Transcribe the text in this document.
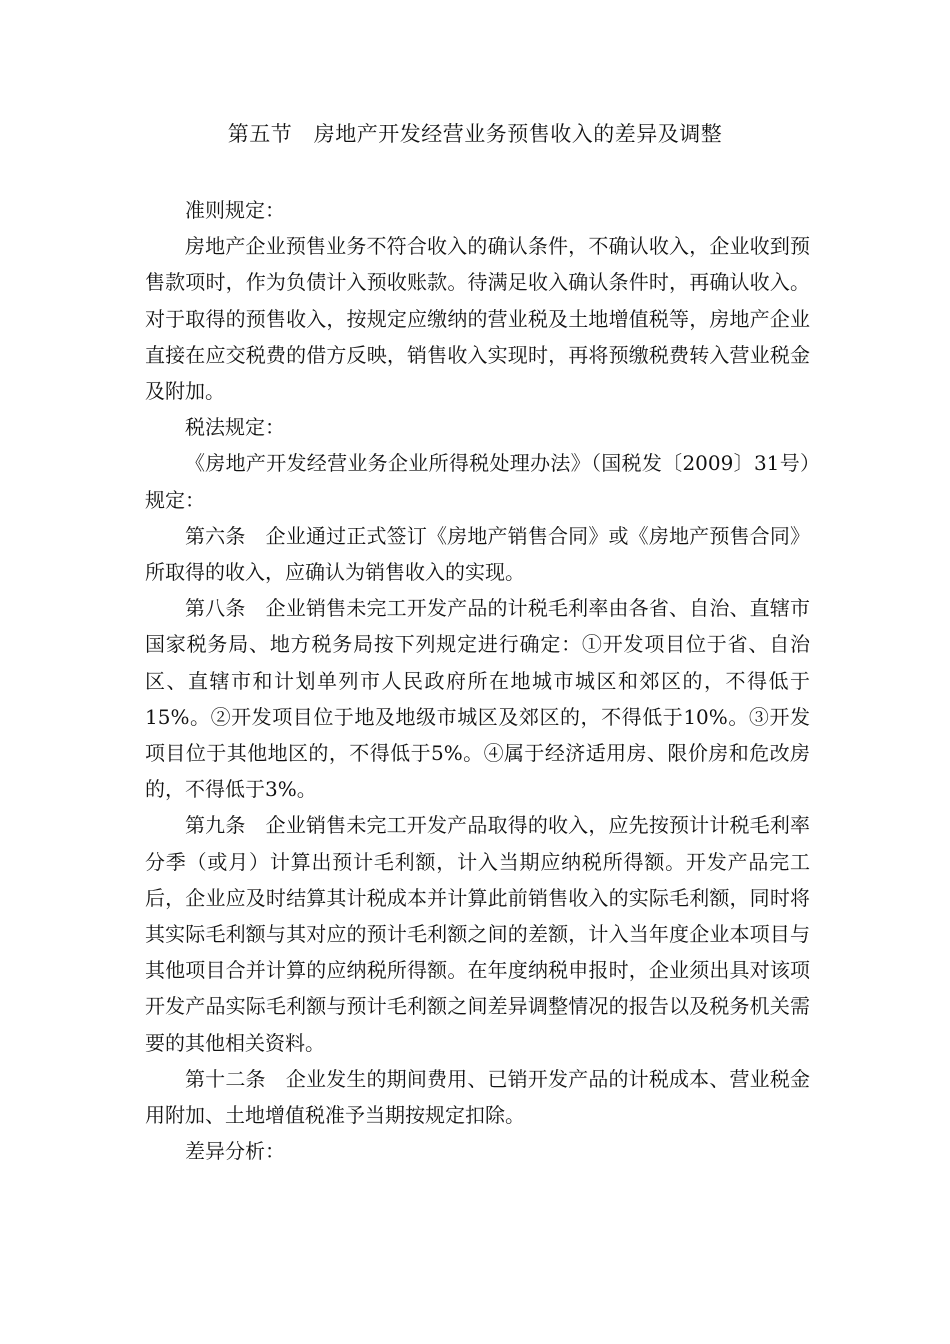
第五节　房地产开发经营业务预售收入的差异及调整

准则规定：

房地产企业预售业务不符合收入的确认条件，不确认收入，企业收到预售款项时，作为负债计入预收账款。待满足收入确认条件时，再确认收入。对于取得的预售收入，按规定应缴纳的营业税及土地增值税等，房地产企业直接在应交税费的借方反映，销售收入实现时，再将预缴税费转入营业税金及附加。

税法规定：

《房地产开发经营业务企业所得税处理办法》（国税发〔2009〕31号）规定：

第六条　企业通过正式签订《房地产销售合同》或《房地产预售合同》所取得的收入，应确认为销售收入的实现。

第八条　企业销售未完工开发产品的计税毛利率由各省、自治、直辖市国家税务局、地方税务局按下列规定进行确定：①开发项目位于省、自治区、直辖市和计划单列市人民政府所在地城市城区和郊区的，不得低于15%。②开发项目位于地及地级市城区及郊区的，不得低于10%。③开发项目位于其他地区的，不得低于5%。④属于经济适用房、限价房和危改房的，不得低于3%。

第九条　企业销售未完工开发产品取得的收入，应先按预计计税毛利率分季（或月）计算出预计毛利额，计入当期应纳税所得额。开发产品完工后，企业应及时结算其计税成本并计算此前销售收入的实际毛利额，同时将其实际毛利额与其对应的预计毛利额之间的差额，计入当年度企业本项目与其他项目合并计算的应纳税所得额。在年度纳税申报时，企业须出具对该项开发产品实际毛利额与预计毛利额之间差异调整情况的报告以及税务机关需要的其他相关资料。

第十二条　企业发生的期间费用、已销开发产品的计税成本、营业税金用附加、土地增值税准予当期按规定扣除。

差异分析：
